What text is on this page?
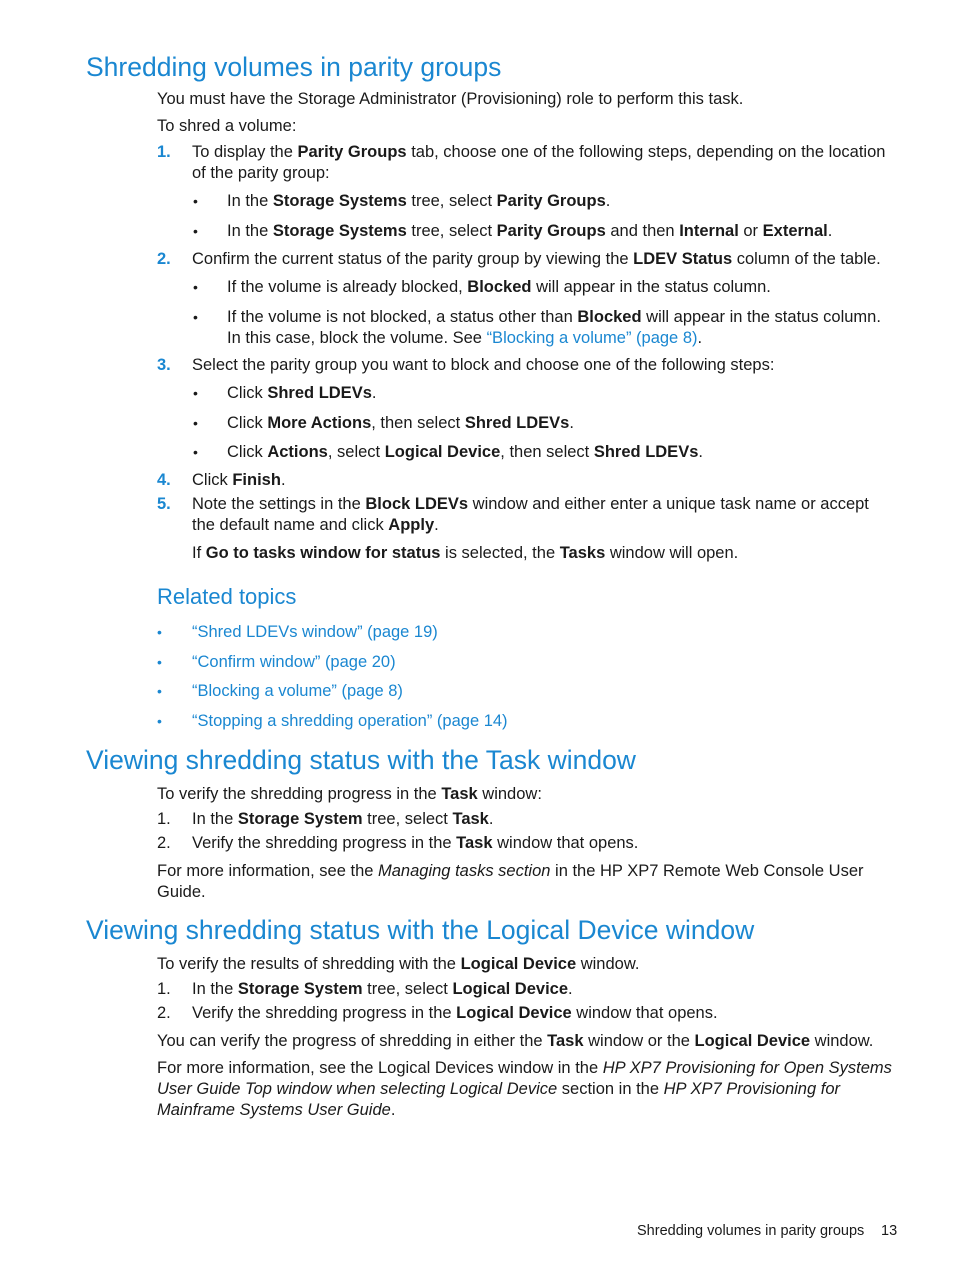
Shredding volumes in parity groups
You must have the Storage Administrator (Provisioning) role to perform this task.
To shred a volume:
1. To display the Parity Groups tab, choose one of the following steps, depending on the location
of the parity group:
• In the Storage Systems tree, select Parity Groups.
• In the Storage Systems tree, select Parity Groups and then Internal or External.
2. Confirm the current status of the parity group by viewing the LDEV Status column of the table.
• If the volume is already blocked, Blocked will appear in the status column.
• If the volume is not blocked, a status other than Blocked will appear in the status column.
In this case, block the volume. See “Blocking a volume” (page 8).
3. Select the parity group you want to block and choose one of the following steps:
• Click Shred LDEVs.
• Click More Actions, then select Shred LDEVs.
• Click Actions, select Logical Device, then select Shred LDEVs.
4. Click Finish.
5. Note the settings in the Block LDEVs window and either enter a unique task name or accept
the default name and click Apply.
If Go to tasks window for status is selected, the Tasks window will open.
Related topics
• “Shred LDEVs window” (page 19)
• “Confirm window” (page 20)
• “Blocking a volume” (page 8)
• “Stopping a shredding operation” (page 14)
Viewing shredding status with the Task window
To verify the shredding progress in the Task window:
1. In the Storage System tree, select Task.
2. Verify the shredding progress in the Task window that opens.
For more information, see the Managing tasks section in the HP XP7 Remote Web Console User
Guide.
Viewing shredding status with the Logical Device window
To verify the results of shredding with the Logical Device window.
1. In the Storage System tree, select Logical Device.
2. Verify the shredding progress in the Logical Device window that opens.
You can verify the progress of shredding in either the Task window or the Logical Device window.
For more information, see the Logical Devices window in the HP XP7 Provisioning for Open Systems
User Guide Top window when selecting Logical Device section in the HP XP7 Provisioning for
Mainframe Systems User Guide.
Shredding volumes in parity groups 13
